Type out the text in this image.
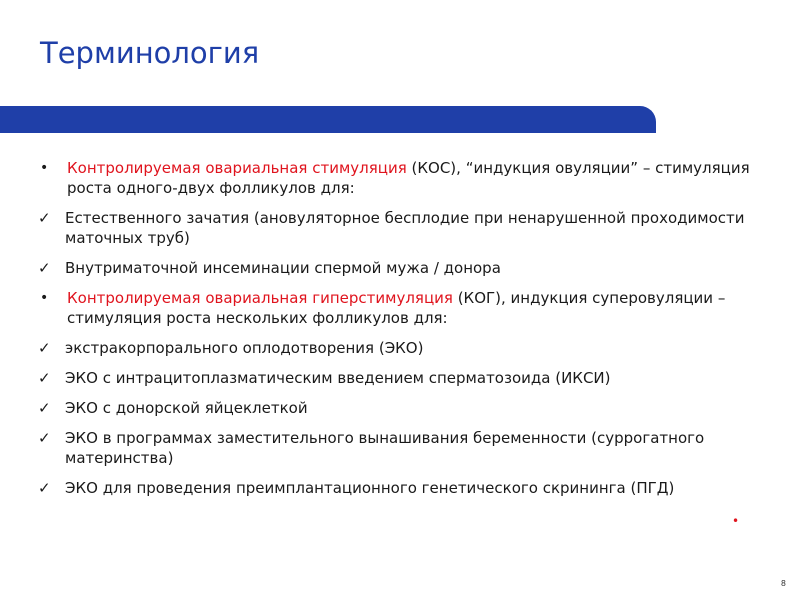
Терминология
•	Контролируемая овариальная стимуляция (КОС), “индукция овуляции” – стимуляция роста одного-двух фолликулов для:
✓ Естественного зачатия (ановуляторное бесплодие при ненарушенной проходимости маточных труб)
✓ Внутриматочной инсеминации спермой мужа / донора
•	Контролируемая овариальная гиперстимуляция (КОГ), индукция суперовуляции – стимуляция роста нескольких фолликулов для:
✓ экстракорпорального оплодотворения (ЭКО)
✓ ЭКО с интрацитоплазматическим введением сперматозоида (ИКСИ)
✓ ЭКО с донорской яйцеклеткой
✓ ЭКО в программах заместительного вынашивания беременности (суррогатного материнства)
✓ ЭКО для проведения преимплантационного генетического скрининга (ПГД)
•
8
